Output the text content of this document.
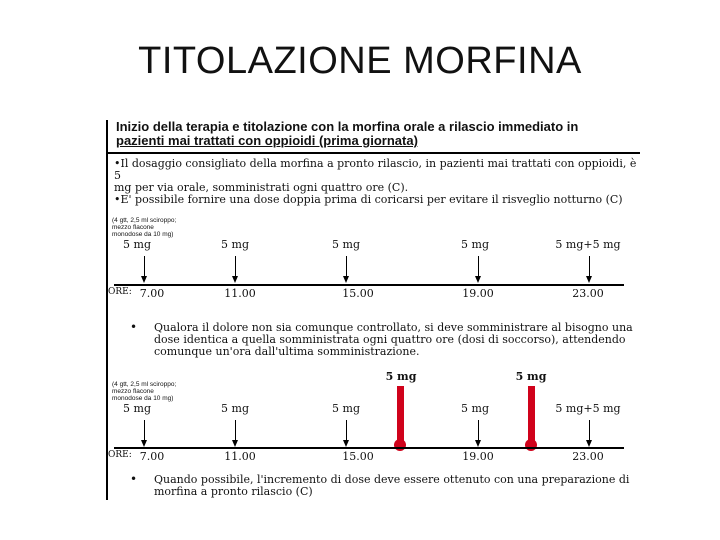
TITOLAZIONE MORFINA
Inizio della terapia e titolazione con la morfina orale a rilascio immediato in
pazienti mai trattati con oppioidi (prima giornata)
•Il dosaggio consigliato della morfina a pronto rilascio, in pazienti mai trattati con oppioidi, è 5
mg per via orale, somministrati ogni quattro ore (C).
•E' possibile fornire una dose doppia prima di coricarsi per evitare il risveglio notturno (C)
(4 gtt, 2,5 ml sciroppo;
mezzo flacone
monodose da 10 mg)
5 mg	5 mg	5 mg	5 mg	5 mg+5 mg
ORE: 7.00	11.00	15.00	19.00	23.00
• Qualora il dolore non sia comunque controllato, si deve somministrare al bisogno una
dose identica a quella somministrata ogni quattro ore (dosi di soccorso), attendendo
comunque un'ora dall'ultima somministrazione.
5 mg	5 mg
(4 gtt, 2,5 ml sciroppo;
mezzo flacone
monodose da 10 mg)
5 mg	5 mg	5 mg	5 mg	5 mg+5 mg
ORE: 7.00	11.00	15.00	19.00	23.00
• Quando possibile, l'incremento di dose deve essere ottenuto con una preparazione di
morfina a pronto rilascio (C)
